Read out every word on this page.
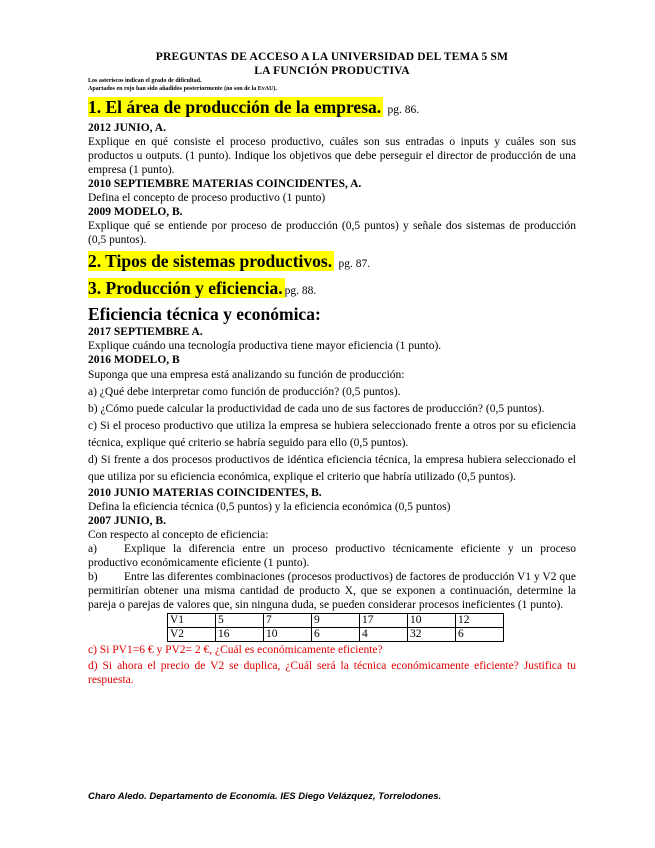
PREGUNTAS DE ACCESO A LA UNIVERSIDAD DEL TEMA 5 SM
LA FUNCIÓN PRODUCTIVA
Los asteriscos indican el grado de dificultad.
Apartados en rojo han sido añadidos posteriormente (no son de la EvAU).
1. El área de producción de la empresa. pg. 86.
2012 JUNIO, A.
Explique en qué consiste el proceso productivo, cuáles son sus entradas o inputs y cuáles son sus productos u outputs. (1 punto). Indique los objetivos que debe perseguir el director de producción de una empresa (1 punto).
2010 SEPTIEMBRE MATERIAS COINCIDENTES, A.
Defina el concepto de proceso productivo (1 punto)
2009 MODELO, B.
Explique qué se entiende por proceso de producción (0,5 puntos) y señale dos sistemas de producción (0,5 puntos).
2. Tipos de sistemas productivos. pg. 87.
3. Producción y eficiencia. pg. 88.
Eficiencia técnica y económica:
2017 SEPTIEMBRE A.
Explique cuándo una tecnología productiva tiene mayor eficiencia (1 punto).
2016 MODELO, B
Suponga que una empresa está analizando su función de producción:
a) ¿Qué debe interpretar como función de producción? (0,5 puntos).
b) ¿Cómo puede calcular la productividad de cada uno de sus factores de producción? (0,5 puntos).
c) Si el proceso productivo que utiliza la empresa se hubiera seleccionado frente a otros por su eficiencia técnica, explique qué criterio se habría seguido para ello (0,5 puntos).
d) Si frente a dos procesos productivos de idéntica eficiencia técnica, la empresa hubiera seleccionado el que utiliza por su eficiencia económica, explique el criterio que habría utilizado (0,5 puntos).
2010 JUNIO MATERIAS COINCIDENTES, B.
Defina la eficiencia técnica (0,5 puntos) y la eficiencia económica (0,5 puntos)
2007 JUNIO, B.
Con respecto al concepto de eficiencia:
a) Explique la diferencia entre un proceso productivo técnicamente eficiente y un proceso productivo económicamente eficiente (1 punto).
b) Entre las diferentes combinaciones (procesos productivos) de factores de producción V1 y V2 que permitirían obtener una misma cantidad de producto X, que se exponen a continuación, determine la pareja o parejas de valores que, sin ninguna duda, se pueden considerar procesos ineficientes (1 punto).
V1	5	7	9	17	10	12
V2	16	10	6	4	32	6
c) Si PV1=6 € y PV2= 2 €, ¿Cuál es económicamente eficiente?
d) Si ahora el precio de V2 se duplica, ¿Cuál será la técnica económicamente eficiente? Justifica tu respuesta.
Charo Aledo. Departamento de Economía. IES Diego Velázquez, Torrelodones.
